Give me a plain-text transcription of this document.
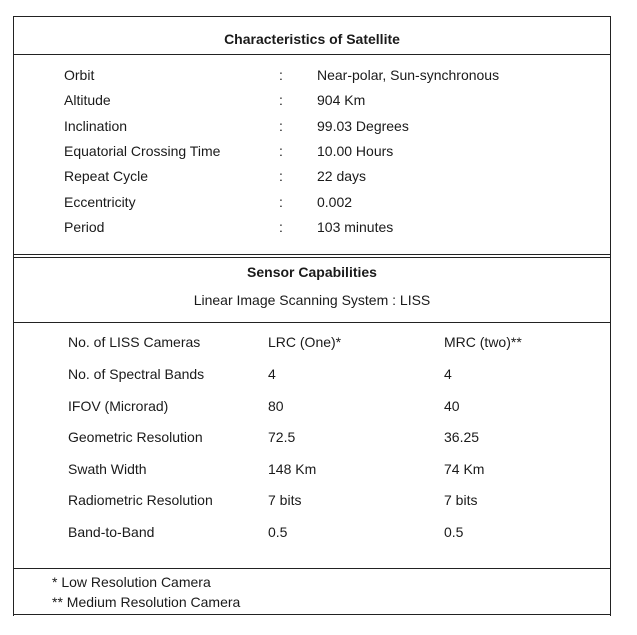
Characteristics of Satellite
Orbit	: Near-polar, Sun-synchronous
Altitude	: 904 Km
Inclination	: 99.03 Degrees
Equatorial Crossing Time	: 10.00 Hours
Repeat Cycle	: 22 days
Eccentricity	: 0.002
Period	: 103 minutes
Sensor Capabilities
Linear Image Scanning System : LISS
No. of LISS Cameras	LRC (One)*	MRC (two)**
No. of Spectral Bands	4	4
IFOV (Microrad)	80	40
Geometric Resolution	72.5	36.25
Swath Width	148 Km	74 Km
Radiometric Resolution	7 bits	7 bits
Band-to-Band	0.5	0.5
* Low Resolution Camera
** Medium Resolution Camera
